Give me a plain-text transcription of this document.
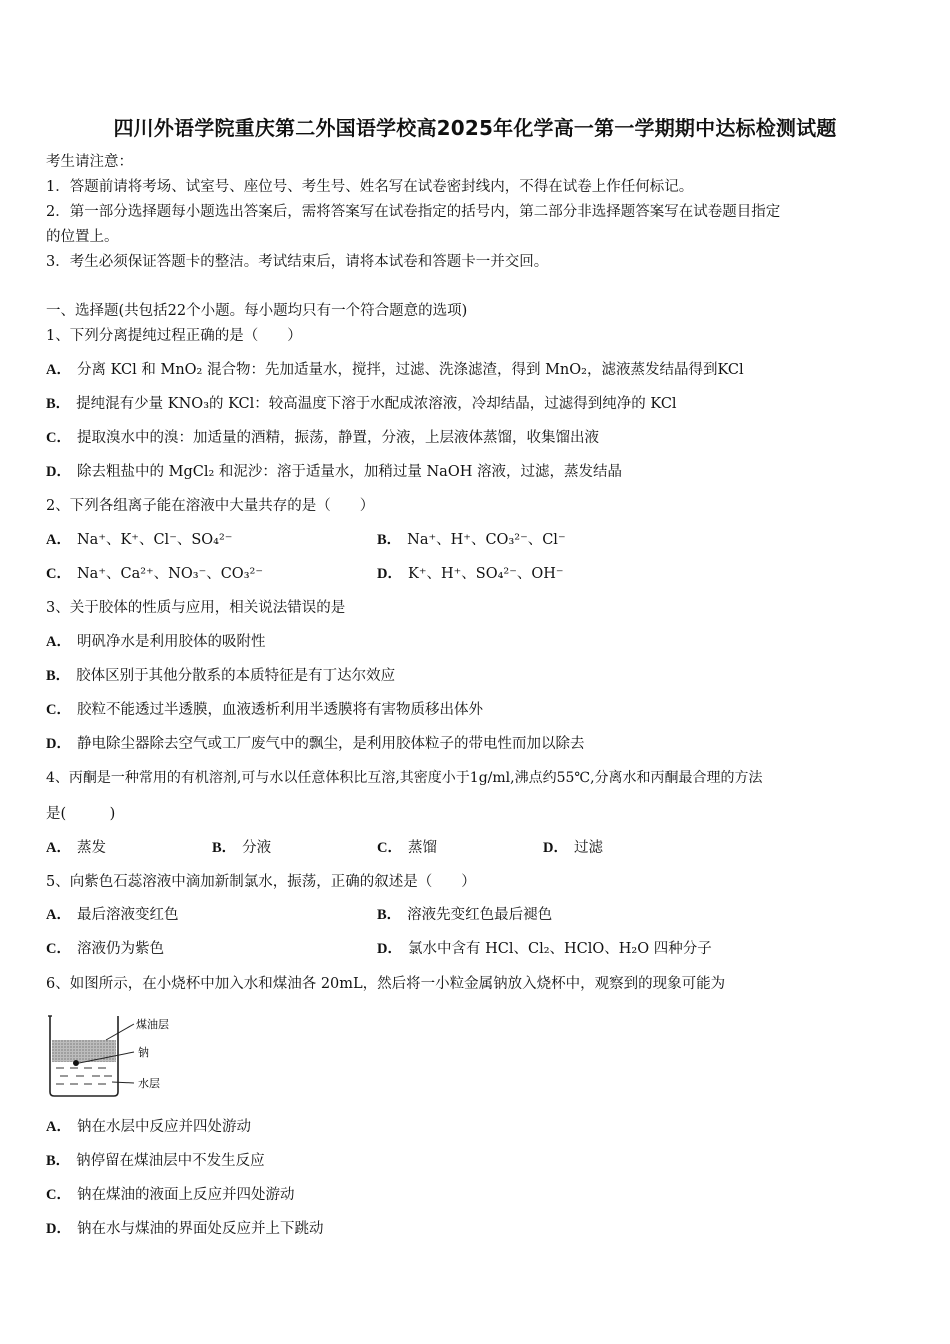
四川外语学院重庆第二外国语学校高2025年化学高一第一学期期中达标检测试题
考生请注意：
1．答题前请将考场、试室号、座位号、考生号、姓名写在试卷密封线内，不得在试卷上作任何标记。
2．第一部分选择题每小题选出答案后，需将答案写在试卷指定的括号内，第二部分非选择题答案写在试卷题目指定
的位置上。
3．考生必须保证答题卡的整洁。考试结束后，请将本试卷和答题卡一并交回。
一、选择题(共包括22个小题。每小题均只有一个符合题意的选项)
1、下列分离提纯过程正确的是（　　）
A． 分离 KCl 和 MnO₂ 混合物：先加适量水，搅拌，过滤、洗涤滤渣，得到 MnO₂，滤液蒸发结晶得到KCl
B． 提纯混有少量 KNO₃的 KCl：较高温度下溶于水配成浓溶液，冷却结晶，过滤得到纯净的 KCl
C． 提取溴水中的溴：加适量的酒精，振荡，静置，分液，上层液体蒸馏，收集馏出液
D． 除去粗盐中的 MgCl₂ 和泥沙：溶于适量水，加稍过量 NaOH 溶液，过滤，蒸发结晶
2、下列各组离子能在溶液中大量共存的是（　　）
A． Na⁺、K⁺、Cl⁻、SO₄²⁻	B． Na⁺、H⁺、CO₃²⁻、Cl⁻
C． Na⁺、Ca²⁺、NO₃⁻、CO₃²⁻	D． K⁺、H⁺、SO₄²⁻、OH⁻
3、关于胶体的性质与应用，相关说法错误的是
A． 明矾净水是利用胶体的吸附性
B． 胶体区别于其他分散系的本质特征是有丁达尔效应
C． 胶粒不能透过半透膜，血液透析利用半透膜将有害物质移出体外
D． 静电除尘器除去空气或工厂废气中的飘尘，是利用胶体粒子的带电性而加以除去
4、丙酮是一种常用的有机溶剂,可与水以任意体积比互溶,其密度小于1g/ml,沸点约55℃,分离水和丙酮最合理的方法
是(　　　)
A． 蒸发	B． 分液	C． 蒸馏	D． 过滤
5、向紫色石蕊溶液中滴加新制氯水，振荡，正确的叙述是（　　）
A． 最后溶液变红色	B． 溶液先变红色最后褪色
C． 溶液仍为紫色	D． 氯水中含有 HCl、Cl₂、HClO、H₂O 四种分子
6、如图所示，在小烧杯中加入水和煤油各 20mL，然后将一小粒金属钠放入烧杯中，观察到的现象可能为
煤油层
钠
水层
A． 钠在水层中反应并四处游动
B． 钠停留在煤油层中不发生反应
C． 钠在煤油的液面上反应并四处游动
D． 钠在水与煤油的界面处反应并上下跳动
